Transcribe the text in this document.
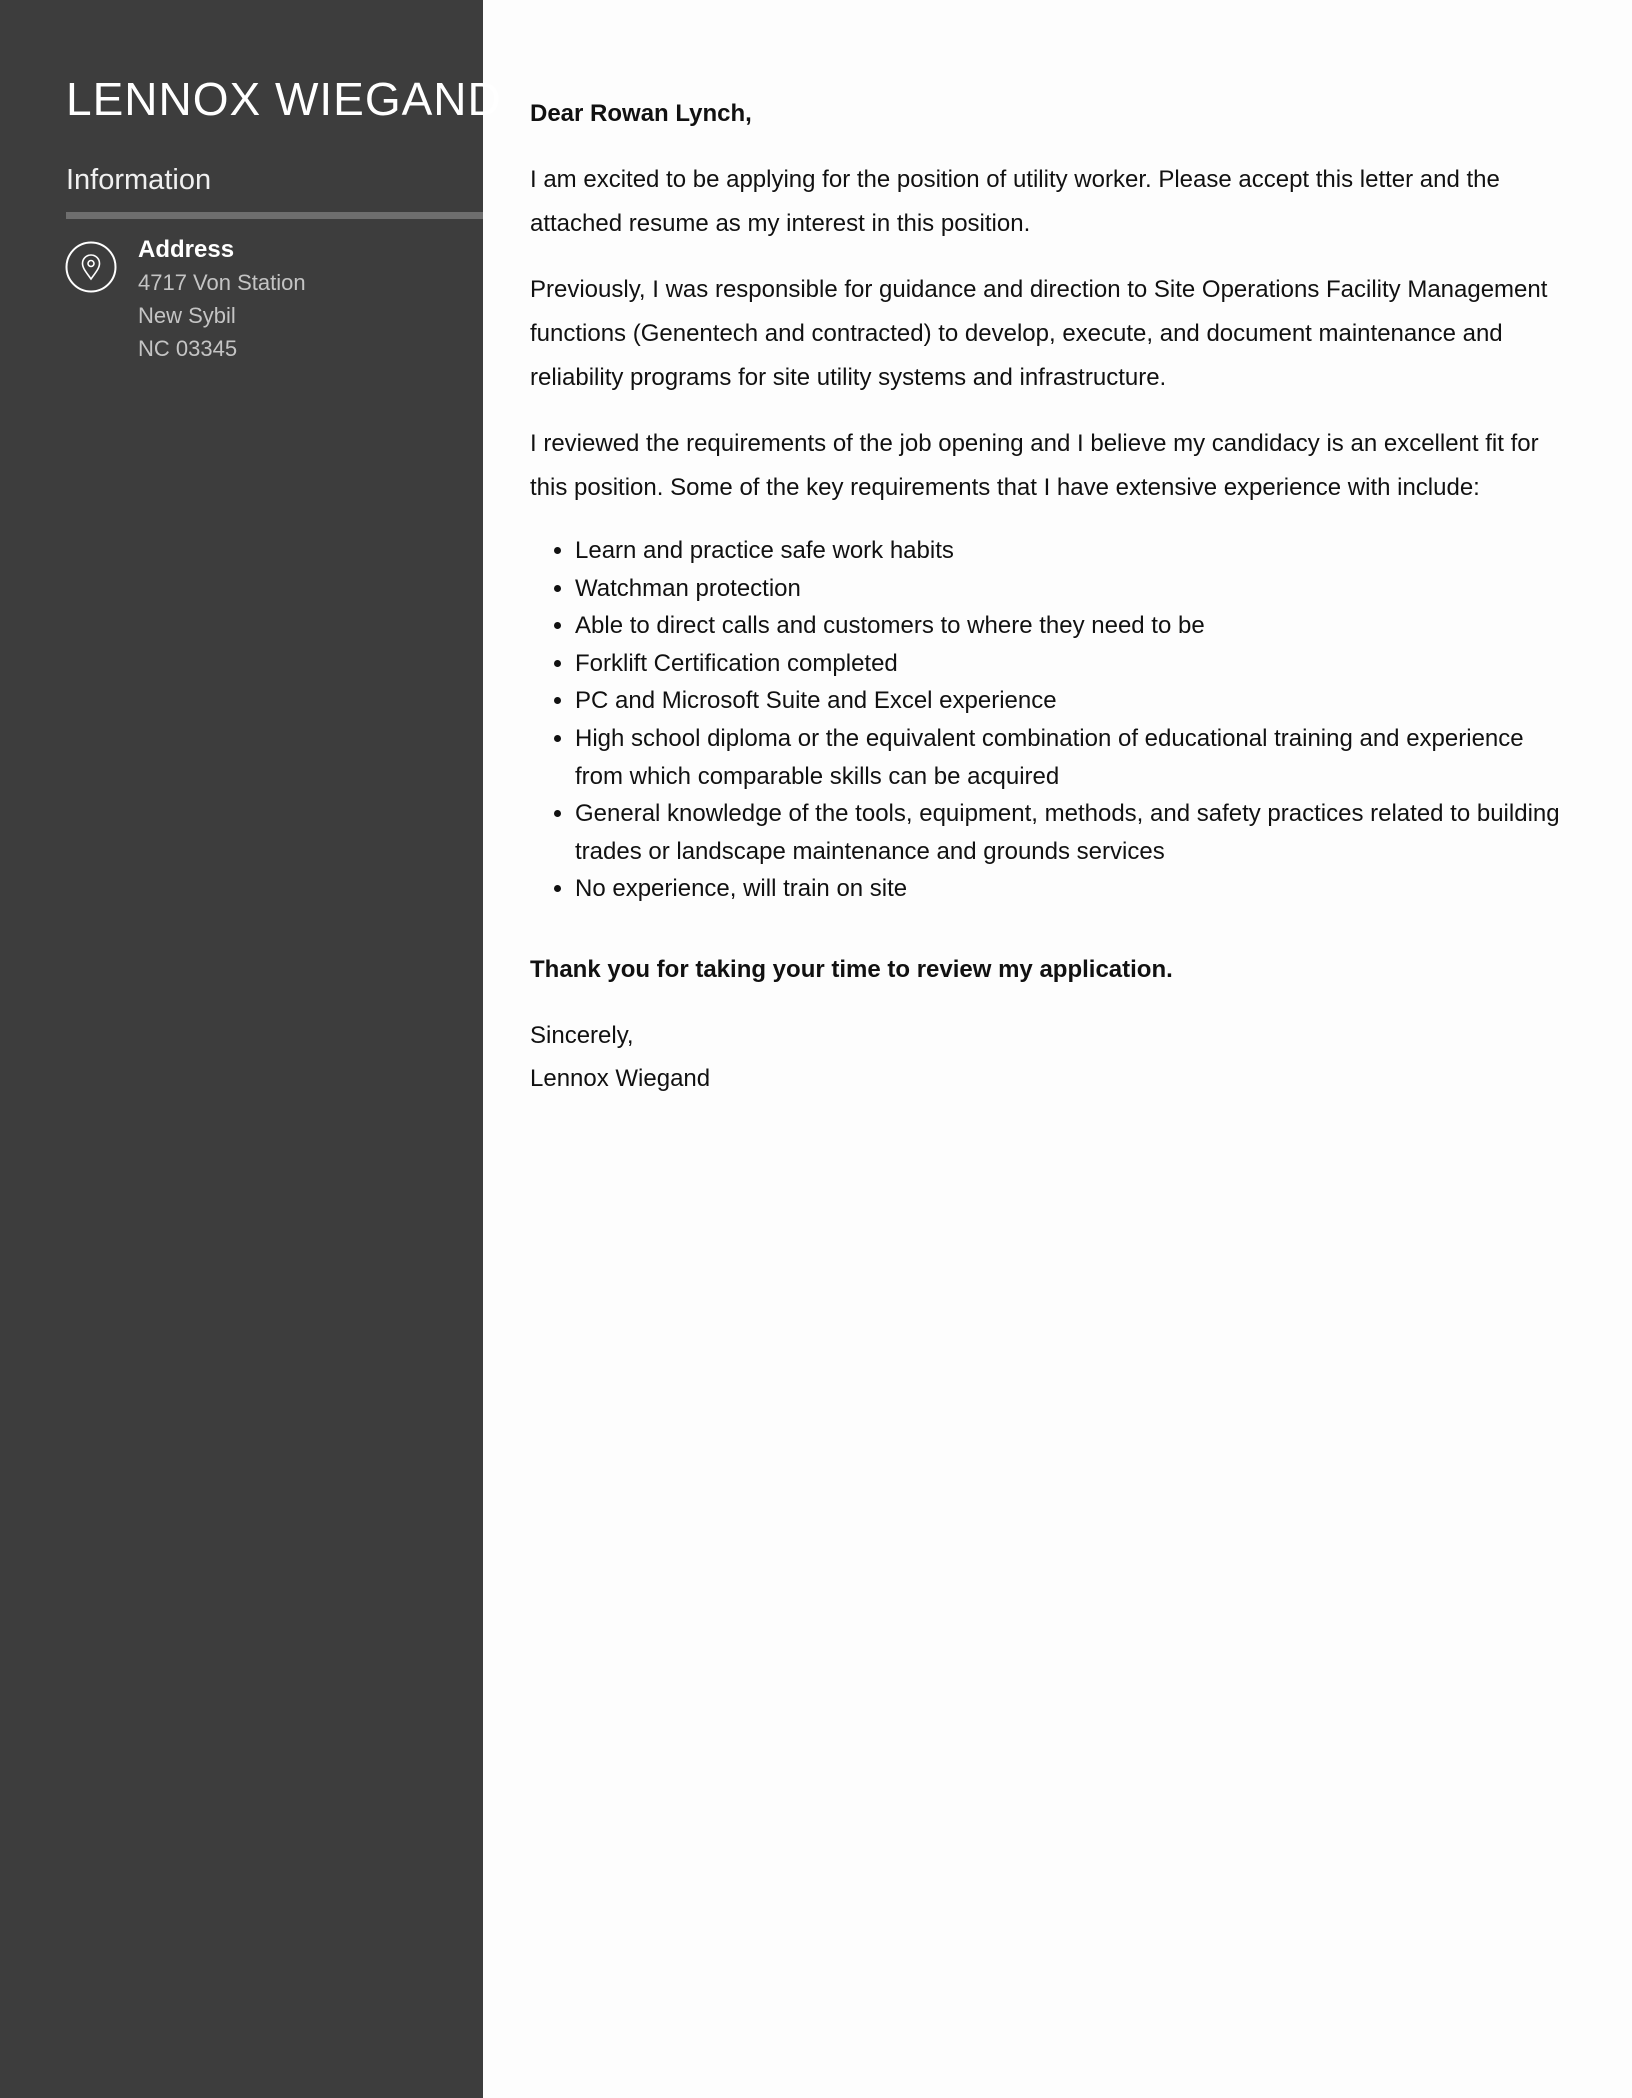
LENNOX WIEGAND
Information
Address
4717 Von Station
New Sybil
NC 03345

Dear Rowan Lynch,

I am excited to be applying for the position of utility worker. Please accept this letter and the attached resume as my interest in this position.

Previously, I was responsible for guidance and direction to Site Operations Facility Management functions (Genentech and contracted) to develop, execute, and document maintenance and reliability programs for site utility systems and infrastructure.

I reviewed the requirements of the job opening and I believe my candidacy is an excellent fit for this position. Some of the key requirements that I have extensive experience with include:

• Learn and practice safe work habits
• Watchman protection
• Able to direct calls and customers to where they need to be
• Forklift Certification completed
• PC and Microsoft Suite and Excel experience
• High school diploma or the equivalent combination of educational training and experience from which comparable skills can be acquired
• General knowledge of the tools, equipment, methods, and safety practices related to building trades or landscape maintenance and grounds services
• No experience, will train on site

Thank you for taking your time to review my application.

Sincerely,
Lennox Wiegand
